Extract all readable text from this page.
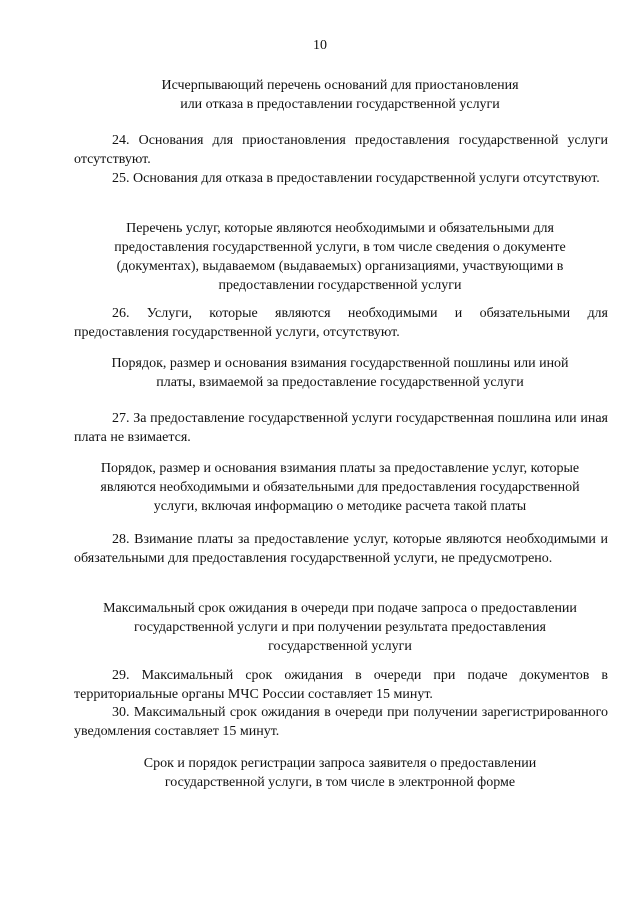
10
Исчерпывающий перечень оснований для приостановления
или отказа в предоставлении государственной услуги
24. Основания для приостановления предоставления государственной услуги отсутствуют.
25. Основания для отказа в предоставлении государственной услуги отсутствуют.
Перечень услуг, которые являются необходимыми и обязательными для
предоставления государственной услуги, в том числе сведения о документе
(документах), выдаваемом (выдаваемых) организациями, участвующими в
предоставлении государственной услуги
26. Услуги, которые являются необходимыми и обязательными для предоставления государственной услуги, отсутствуют.
Порядок, размер и основания взимания государственной пошлины или иной
платы, взимаемой за предоставление государственной услуги
27. За предоставление государственной услуги государственная пошлина или иная плата не взимается.
Порядок, размер и основания взимания платы за предоставление услуг, которые
являются необходимыми и обязательными для предоставления государственной
услуги, включая информацию о методике расчета такой платы
28. Взимание платы за предоставление услуг, которые являются необходимыми и обязательными для предоставления государственной услуги, не предусмотрено.
Максимальный срок ожидания в очереди при подаче запроса о предоставлении
государственной услуги и при получении результата предоставления
государственной услуги
29. Максимальный срок ожидания в очереди при подаче документов в территориальные органы МЧС России составляет 15 минут.
30. Максимальный срок ожидания в очереди при получении зарегистрированного уведомления составляет 15 минут.
Срок и порядок регистрации запроса заявителя о предоставлении
государственной услуги, в том числе в электронной форме
